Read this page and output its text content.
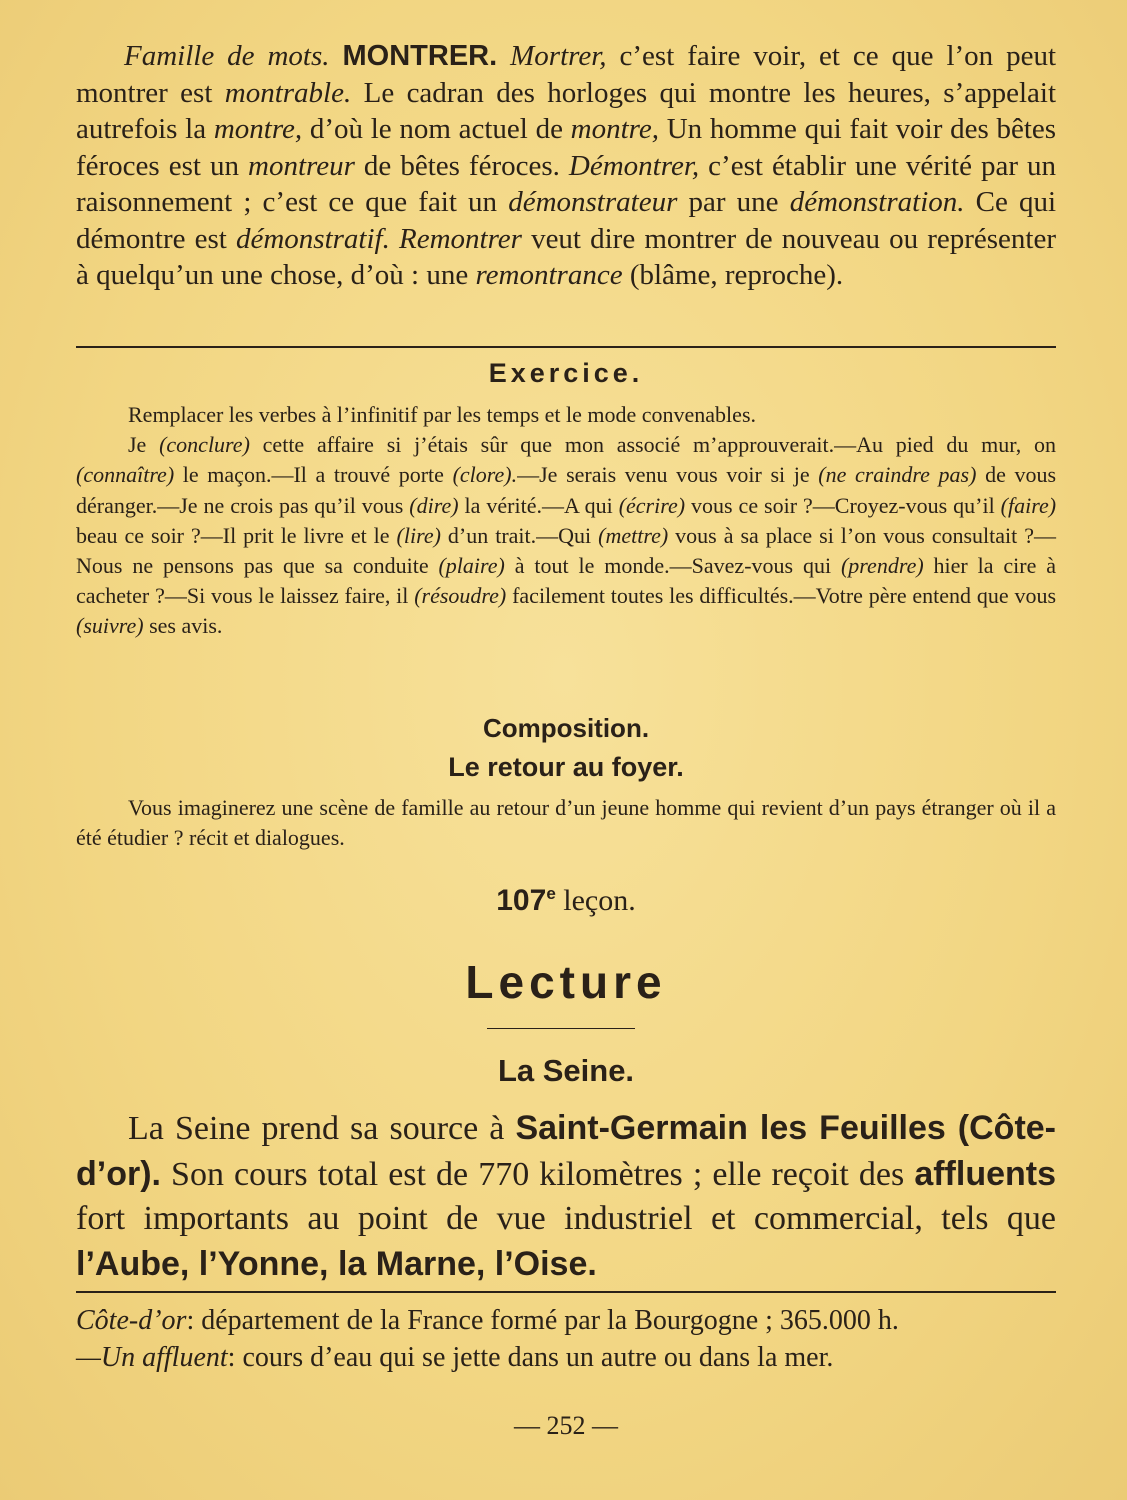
Famille de mots. MONTRER. Mortrer, c’est faire voir, et ce que l’on peut montrer est montrable. Le cadran des horloges qui montre les heures, s’appelait autrefois la montre, d’où le nom actuel de montre, Un homme qui fait voir des bêtes féroces est un montreur de bêtes féroces. Démontrer, c’est établir une vérité par un raisonnement ; c’est ce que fait un démonstrateur par une démonstration. Ce qui démontre est démonstratif. Remontrer veut dire montrer de nouveau ou représenter à quelqu’un une chose, d’où : une remontrance (blâme, reproche).
Exercice.
Remplacer les verbes à l’infinitif par les temps et le mode convenables.
Je (conclure) cette affaire si j’étais sûr que mon associé m’approuverait.—Au pied du mur, on (connaître) le maçon.—Il a trouvé porte (clore).—Je serais venu vous voir si je (ne craindre pas) de vous déranger.—Je ne crois pas qu’il vous (dire) la vérité.—A qui (écrire) vous ce soir ?—Croyez-vous qu’il (faire) beau ce soir ?—Il prit le livre et le (lire) d’un trait.—Qui (mettre) vous à sa place si l’on vous consultait ?—Nous ne pensons pas que sa conduite (plaire) à tout le monde.—Savez-vous qui (prendre) hier la cire à cacheter ?—Si vous le laissez faire, il (résoudre) facilement toutes les difficultés.—Votre père entend que vous (suivre) ses avis.
Composition.
Le retour au foyer.
Vous imaginerez une scène de famille au retour d’un jeune homme qui revient d’un pays étranger où il a été étudier ? récit et dialogues.
107e leçon.
Lecture
La Seine.
La Seine prend sa source à Saint-Germain les Feuilles (Côte-d’or). Son cours total est de 770 kilomètres ; elle reçoit des affluents fort importants au point de vue industriel et commercial, tels que l’Aube, l’Yonne, la Marne, l’Oise.
Côte-d’or: département de la France formé par la Bourgogne ; 365.000 h.
—Un affluent: cours d’eau qui se jette dans un autre ou dans la mer.
— 252 —
